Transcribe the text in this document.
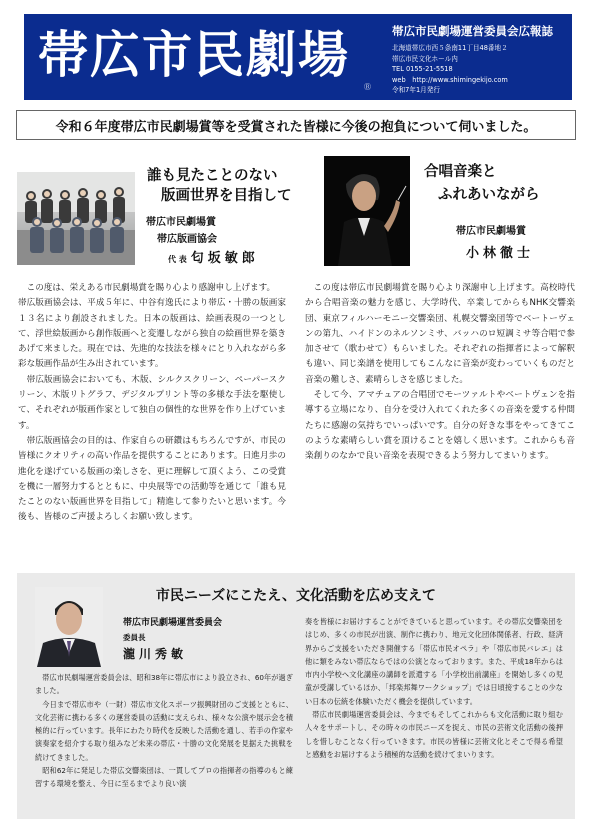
帯広市民劇場
Ⓡ
帯広市民劇場運営委員会広報誌
北海道帯広市西５条南11丁目48番地２
帯広市民文化ホール内
TEL 0155-21-5518
web　http://www.shimingekijo.com
令和7年1月発行
令和６年度帯広市民劇場賞等を受賞された皆様に今後の抱負について伺いました。
誰も見たことのない
版画世界を目指して
帯広市民劇場賞
帯広版画協会
代 表 匂坂敏郎
合唱音楽と
ふれあいながら
帯広市民劇場賞
小林徹士

この度は、栄えある市民劇場賞を賜り心より感謝申し上げます。

帯広版画協会は、平成５年に、中谷有逸氏により帯広・十勝の版画家１３名により創設されました。日本の版画は、絵画表現の一つとして、浮世絵版画から創作版画へと変遷しながら独自の絵画世界を築きあげて来ました。現在では、先進的な技法を様々にとり入れながら多彩な版画作品が生み出されています。

帯広版画協会においても、木版、シルクスクリーン、ペーパースクリーン、木版リトグラフ、デジタルプリント等の多様な手法を駆使して、それぞれが版画作家として独自の個性的な世界を作り上げています。

帯広版画協会の目的は、作家自らの研鑽はもちろんですが、市民の皆様にクオリティの高い作品を提供することにあります。日進月歩の進化を遂げている版画の楽しさを、更に理解して頂くよう、この受賞を機に一層努力するとともに、中央展等での活動等を通じて「誰も見たことのない版画世界を目指して」精進して参りたいと思います。今後も、皆様のご声援よろしくお願い致します。

この度は帯広市民劇場賞を賜り心より深謝申し上げます。高校時代から合唱音楽の魅力を感じ、大学時代、卒業してからもNHK交響楽団、東京フィルハーモニー交響楽団、札幌交響楽団等でベートーヴェンの第九、ハイドンのネルソンミサ、バッハのロ短調ミサ等合唱で参加させて（歌わせて）もらいました。それぞれの指揮者によって解釈も違い、同じ楽譜を使用してもこんなに音楽が変わっていくものだと音楽の難しさ、素晴らしさを感じました。

そして今、アマチュアの合唱団でモーツァルトやベートヴェンを指導する立場になり、自分を受け入れてくれた多くの音楽を愛する仲間たちに感謝の気持ちでいっぱいです。自分の好きな事をやってきてこのような素晴らしい賞を頂けることを嬉しく思います。これからも音楽創りのなかで良い音楽を表現できるよう努力してまいります。

市民ニーズにこたえ、文化活動を広め支えて
帯広市民劇場運営委員会
委員長
瀧川秀敏

帯広市民劇場運営委員会は、昭和38年に帯広市により設立され、60年が過ぎました。

今日まで帯広市や（一財）帯広市文化スポーツ振興財団のご支援とともに、文化芸術に携わる多くの運営委員の活動に支えられ、様々な公演や展示会を積極的に行っています。長年にわたり時代を反映した活動を通し、若手の作家や演奏家を紹介する取り組みなど未来の帯広・十勝の文化発展を見据えた挑戦を続けてきました。

昭和62年に発足した帯広交響楽団は、一貫してプロの指揮者の指導のもと練習する環境を整え、今日に至るまでより良い演

奏を皆様にお届けすることができていると思っています。その帯広交響楽団をはじめ、多くの市民が出演、制作に携わり、地元文化団体関係者、行政、経済界からご支援をいただき開催する「帯広市民オペラ」や「帯広市民バレエ」は他に類をみない帯広ならではの公演となっております。また、平成18年からは市内小学校へ文化講座の講師を派遣する「小学校出前講座」を開始し多くの児童が受講しているほか、「邦楽邦舞ワークショップ」では日頃接することの少ない日本の伝統を体験いただく機会を提供しています。

帯広市民劇場運営委員会は、今までもそしてこれからも文化活動に取り組む人々をサポートし、その時々の市民ニーズを捉え、市民の芸術文化活動の後押しを惜しむことなく行っていきます。市民の皆様に芸術文化とそこで得る希望と感動をお届けするよう積極的な活動を続けてまいります。
